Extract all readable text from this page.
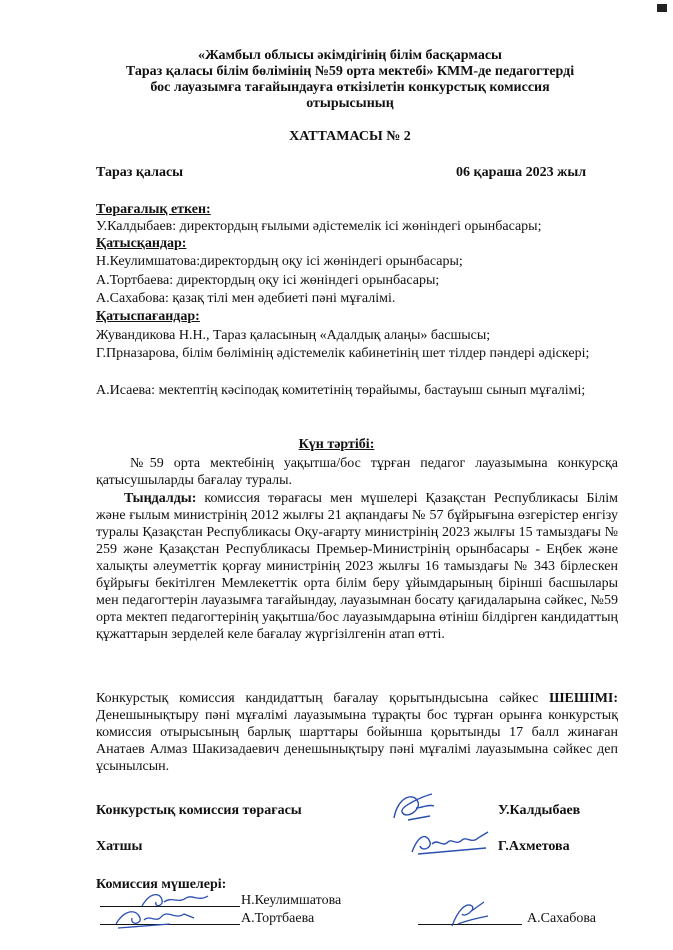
«Жамбыл облысы әкімдігінің білім басқармасы
Тараз қаласы білім бөлімінің №59 орта мектебі» КММ-де педагогтерді
бос лауазымға тағайындауға өткізілетін конкурстық комиссия
отырысының
ХАТТАМАСЫ № 2
Тараз қаласы	06 қараша 2023 жыл
Төрағалық еткен:
У.Калдыбаев: директордың ғылыми әдістемелік ісі жөніндегі орынбасары;
Қатысқандар:
Н.Кеулимшатова:директордың оқу ісі жөніндегі орынбасары;
А.Тортбаева: директордың оқу ісі жөніндегі орынбасары;
А.Сахабова: қазақ тілі мен әдебиеті пәні мұғалімі.
Қатыспағандар:
Жувандикова Н.Н., Тараз қаласының «Адалдық алаңы» басшысы;
Г.Прназарова, білім бөлімінің әдістемелік кабинетінің шет тілдер пәндері әдіскері;
А.Исаева: мектептің кәсіподақ комитетінің төрайымы, бастауыш сынып мұғалімі;
Күн тәртібі:
№59 орта мектебінің уақытша/бос тұрған педагог лауазымына конкурсқа қатысушыларды бағалау туралы.
Тыңдалды: комиссия төрағасы мен мүшелері Қазақстан Республикасы Білім және ғылым министрінің 2012 жылғы 21 ақпандағы № 57 бұйрығына өзгерістер енгізу туралы Қазақстан Республикасы Оқу-ағарту министрінің 2023 жылғы 15 тамыздағы № 259 және Қазақстан Республикасы Премьер-Министрінің орынбасары - Еңбек және халықты әлеуметтік қорғау министрінің 2023 жылғы 16 тамыздағы № 343 бірлескен бұйрығы бекітілген Мемлекеттік орта білім беру ұйымдарының бірінші басшылары мен педагогтерін лауазымға тағайындау, лауазымнан босату қағидаларына сәйкес, №59 орта мектеп педагогтерінің уақытша/бос лауазымдарына өтініш білдірген кандидаттың құжаттарын зерделей келе бағалау жүргізілгенін атап өтті.
Конкурстық комиссия кандидаттың бағалау қорытындысына сәйкес ШЕШІМІ: Денешынықтыру пәні мұғалімі лауазымына тұрақты бос тұрған орынға конкурстық комиссия отырысының барлық шарттары бойынша қорытынды 17 балл жинаған Анатаев Алмаз Шакизадаевич денешынықтыру пәні мұғалімі лауазымына сәйкес деп ұсынылсын.
Конкурстық комиссия төрағасы	У.Калдыбаев
Хатшы	Г.Ахметова
Комиссия мүшелері:
Н.Кеулимшатова
А.Тортбаева	А.Сахабова
